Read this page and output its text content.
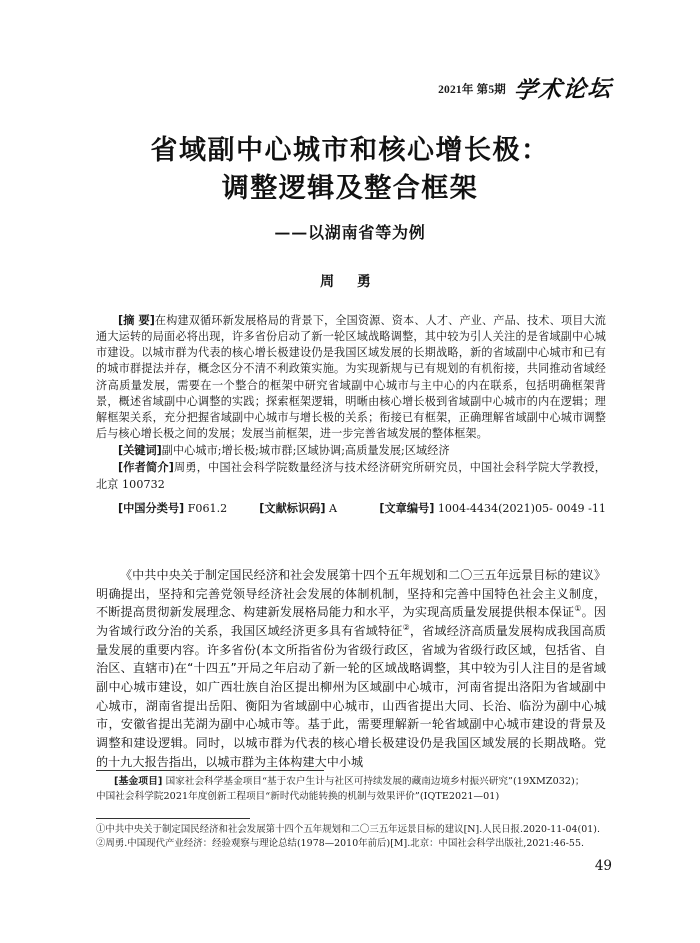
2021年 第5期 学术论坛
省域副中心城市和核心增长极：
调整逻辑及整合框架
——以湖南省等为例
周 勇

[摘 要]在构建双循环新发展格局的背景下，全国资源、资本、人才、产业、产品、技术、项目大流通大运转的局面必将出现，许多省份启动了新一轮区域战略调整，其中较为引人关注的是省域副中心城市建设。以城市群为代表的核心增长极建设仍是我国区域发展的长期战略，新的省域副中心城市和已有的城市群提法并存，概念区分不清不利政策实施。为实现新规与已有规划的有机衔接，共同推动省域经济高质量发展，需要在一个整合的框架中研究省域副中心城市与主中心的内在联系，包括明确框架背景，概述省域副中心调整的实践；探索框架逻辑，明晰由核心增长极到省域副中心城市的内在逻辑；理解框架关系，充分把握省域副中心城市与增长极的关系；衔接已有框架，正确理解省域副中心城市调整后与核心增长极之间的发展；发展当前框架，进一步完善省域发展的整体框架。

[关键词]副中心城市;增长极;城市群;区域协调;高质量发展;区域经济

[作者简介]周勇，中国社会科学院数量经济与技术经济研究所研究员，中国社会科学院大学教授，北京 100732

[中国分类号] F061.2	[文献标识码] A	[文章编号] 1004-4434(2021)05- 0049 -11

《中共中央关于制定国民经济和社会发展第十四个五年规划和二〇三五年远景目标的建议》明确提出，坚持和完善党领导经济社会发展的体制机制，坚持和完善中国特色社会主义制度，不断提高贯彻新发展理念、构建新发展格局能力和水平，为实现高质量发展提供根本保证①。因为省域行政分治的关系，我国区域经济更多具有省域特征②，省域经济高质量发展构成我国高质量发展的重要内容。许多省份(本文所指省份为省级行政区，省域为省级行政区域，包括省、自治区、直辖市)在“十四五”开局之年启动了新一轮的区域战略调整，其中较为引人注目的是省域副中心城市建设，如广西壮族自治区提出柳州为区域副中心城市，河南省提出洛阳为省域副中心城市，湖南省提出岳阳、衡阳为省域副中心城市，山西省提出大同、长治、临汾为副中心城市，安徽省提出芜湖为副中心城市等。基于此，需要理解新一轮省域副中心城市建设的背景及调整和建设逻辑。同时，以城市群为代表的核心增长极建设仍是我国区域发展的长期战略。党的十九大报告指出，以城市群为主体构建大中小城

[基金项目] 国家社会科学基金项目“基于农户生计与社区可持续发展的藏南边境乡村振兴研究”(19XMZ032)；

中国社会科学院2021年度创新工程项目“新时代动能转换的机制与效果评价”(IQTE2021—01)

①中共中央关于制定国民经济和社会发展第十四个五年规划和二〇三五年远景目标的建议[N].人民日报.2020-11-04(01).

②周勇.中国现代产业经济：经验观察与理论总结(1978—2010年前后)[M].北京：中国社会科学出版社,2021:46-55.

49
